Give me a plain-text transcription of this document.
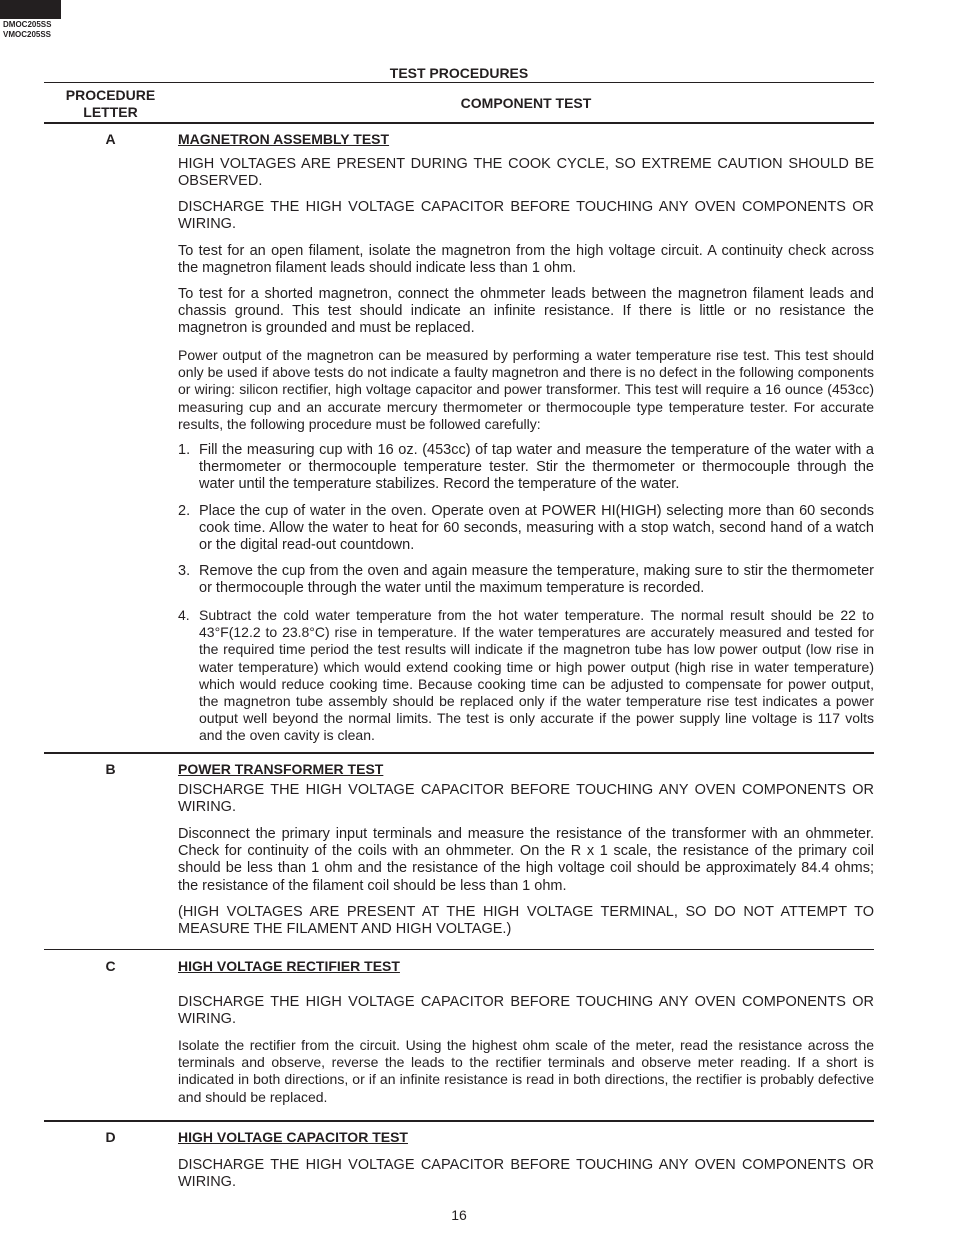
DMOC205SS
VMOC205SS
TEST PROCEDURES
PROCEDURE
LETTER
COMPONENT TEST
A	MAGNETRON ASSEMBLY TEST

HIGH VOLTAGES ARE PRESENT DURING THE COOK CYCLE, SO EXTREME CAUTION SHOULD BE OBSERVED.

DISCHARGE THE HIGH VOLTAGE CAPACITOR BEFORE TOUCHING ANY OVEN COMPONENTS OR WIRING.

To test for an open filament, isolate the magnetron from the high voltage circuit. A continuity check across the magnetron filament leads should indicate less than 1 ohm.

To test for a shorted magnetron, connect the ohmmeter leads between the magnetron filament leads and chassis ground. This test should indicate an infinite resistance. If there is little or no resistance the magnetron is grounded and must be replaced.

Power output of the magnetron can be measured by performing a water temperature rise test. This test should only be used if above tests do not indicate a faulty magnetron and there is no defect in the following components or wiring: silicon rectifier, high voltage capacitor and power transformer. This test will require a 16 ounce (453cc) measuring cup and an accurate mercury thermometer or thermocouple type temperature tester. For accurate results, the following procedure must be followed carefully:

1. Fill the measuring cup with 16 oz. (453cc) of tap water and measure the temperature of the water with a thermometer or thermocouple temperature tester. Stir the thermometer or thermocouple through the water until the temperature stabilizes. Record the temperature of the water.
2. Place the cup of water in the oven. Operate oven at POWER HI(HIGH) selecting more than 60 seconds cook time. Allow the water to heat for 60 seconds, measuring with a stop watch, second hand of a watch or the digital read-out countdown.
3. Remove the cup from the oven and again measure the temperature, making sure to stir the thermometer or thermocouple through the water until the maximum temperature is recorded.
4. Subtract the cold water temperature from the hot water temperature. The normal result should be 22 to 43°F(12.2 to 23.8°C) rise in temperature. If the water temperatures are accurately measured and tested for the required time period the test results will indicate if the magnetron tube has low power output (low rise in water temperature) which would extend cooking time or high power output (high rise in water temperature) which would reduce cooking time. Because cooking time can be adjusted to compensate for power output, the magnetron tube assembly should be replaced only if the water temperature rise test indicates a power output well beyond the normal limits. The test is only accurate if the power supply line voltage is 117 volts and the oven cavity is clean.
B	POWER TRANSFORMER TEST

DISCHARGE THE HIGH VOLTAGE CAPACITOR BEFORE TOUCHING ANY OVEN COMPONENTS OR WIRING.

Disconnect the primary input terminals and measure the resistance of the transformer with an ohmmeter. Check for continuity of the coils with an ohmmeter. On the R x 1 scale, the resistance of the primary coil should be less than 1 ohm and the resistance of the high voltage coil should be approximately 84.4 ohms; the resistance of the filament coil should be less than 1 ohm.

(HIGH VOLTAGES ARE PRESENT AT THE HIGH VOLTAGE TERMINAL, SO DO NOT ATTEMPT TO MEASURE THE FILAMENT AND HIGH VOLTAGE.)

C	HIGH VOLTAGE RECTIFIER TEST

DISCHARGE THE HIGH VOLTAGE CAPACITOR BEFORE TOUCHING ANY OVEN COMPONENTS OR WIRING.

Isolate the rectifier from the circuit. Using the highest ohm scale of the meter, read the resistance across the terminals and observe, reverse the leads to the rectifier terminals and observe meter reading. If a short is indicated in both directions, or if an infinite resistance is read in both directions, the rectifier is probably defective and should be replaced.

D	HIGH VOLTAGE CAPACITOR TEST

DISCHARGE THE HIGH VOLTAGE CAPACITOR BEFORE TOUCHING ANY OVEN COMPONENTS OR WIRING.

16
